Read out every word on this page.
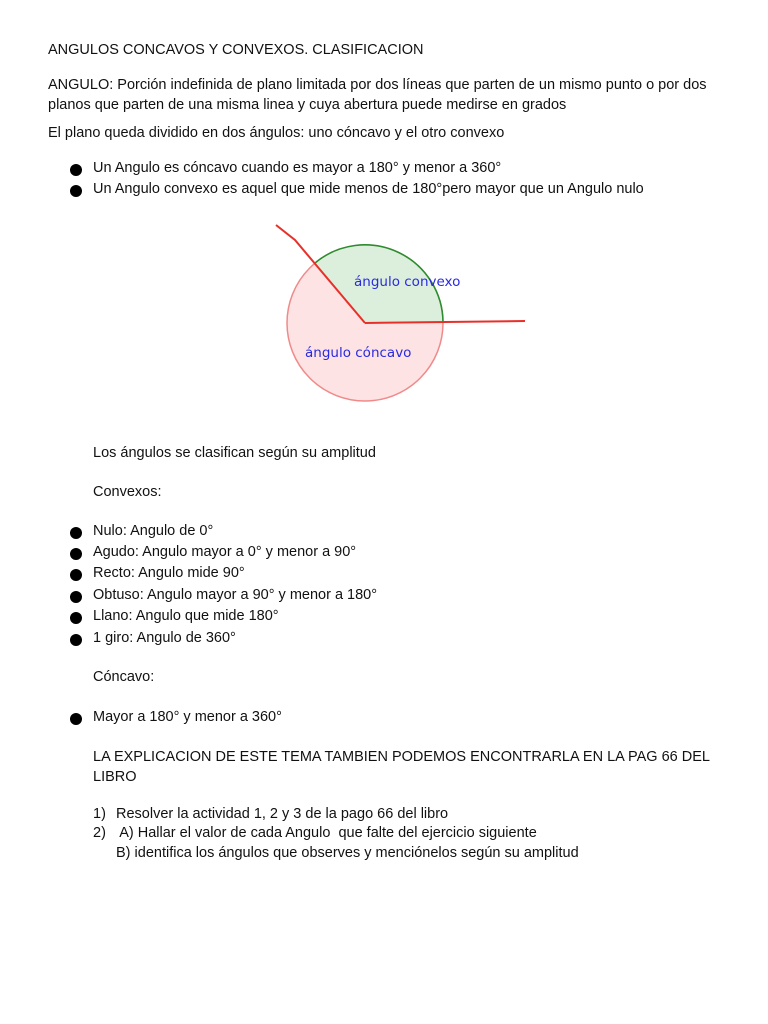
ANGULOS CONCAVOS Y CONVEXOS. CLASIFICACION
ANGULO: Porción indefinida de plano limitada por dos líneas que parten de un mismo punto o por dos planos que parten de una misma linea y cuya abertura puede medirse en grados
El plano queda dividido en dos ángulos: uno cóncavo y el otro convexo
Un Angulo es cóncavo cuando es mayor a 180° y menor a 360°
Un Angulo convexo es aquel que mide menos de 180°pero mayor que un Angulo nulo
ángulo convexo
ángulo cóncavo
Los ángulos se clasifican según su amplitud
Convexos:
Nulo: Angulo de 0°
Agudo: Angulo mayor a 0° y menor a 90°
Recto: Angulo mide 90°
Obtuso: Angulo mayor a 90° y menor a 180°
Llano: Angulo que mide 180°
1 giro: Angulo de 360°
Cóncavo:
Mayor a 180° y menor a 360°
LA EXPLICACION DE ESTE TEMA TAMBIEN PODEMOS ENCONTRARLA EN LA PAG 66 DEL LIBRO
1) Resolver la actividad 1, 2 y 3 de la pago 66 del libro
2) A) Hallar el valor de cada Angulo  que falte del ejercicio siguiente
B) identifica los ángulos que observes y menciónelos según su amplitud
